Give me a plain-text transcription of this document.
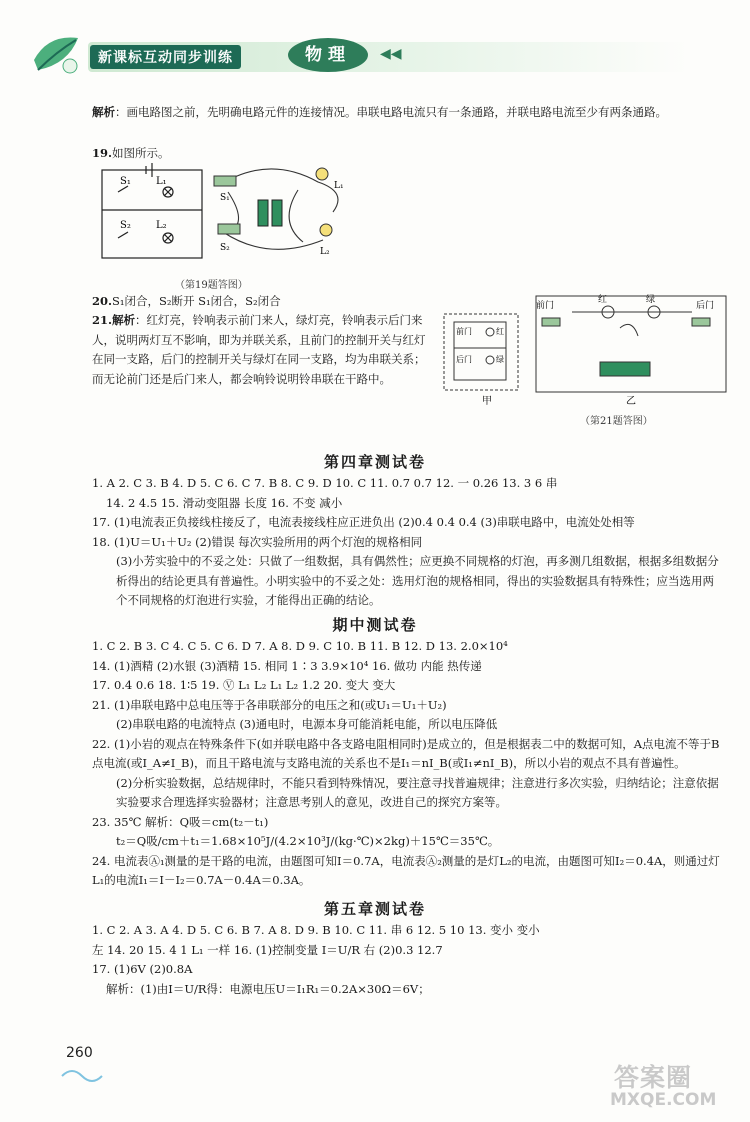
新课标互动同步训练	物理	◀◀

解析：画电路图之前，先明确电路元件的连接情况。串联电路电流只有一条通路，并联电路电流至少有两条通路。

19.如图所示。

S₁	L₁
S₂	L₂
S₁
S₂
L₁
L₂
（第19题答图）

20.S₁闭合，S₂断开 S₁闭合，S₂闭合

21.解析：红灯亮，铃响表示前门来人，绿灯亮，铃响表示后门来人，说明两灯互不影响，即为并联关系，且前门的控制开关与红灯在同一支路，后门的控制开关与绿灯在同一支路，均为串联关系；而无论前门还是后门来人，都会响铃说明铃串联在干路中。

前门
后门
红
绿
前门	后门
红	绿
甲	乙
（第21题答图）
第四章测试卷

1. A 2. C 3. B 4. D 5. C 6. C 7. B 8. C 9. D 10. C 11. 0.7 0.7 12. 一 0.26 13. 3 6 串

14. 2 4.5 15. 滑动变阻器 长度 16. 不变 减小

17. (1)电流表正负接线柱接反了，电流表接线柱应正进负出 (2)0.4 0.4 0.4 (3)串联电路中，电流处处相等

18. (1)U＝U₁＋U₂ (2)错误 每次实验所用的两个灯泡的规格相同

(3)小芳实验中的不妥之处：只做了一组数据，具有偶然性；应更换不同规格的灯泡，再多测几组数据，根据多组数据分析得出的结论更具有普遍性。小明实验中的不妥之处：选用灯泡的规格相同，得出的实验数据具有特殊性；应当选用两个不同规格的灯泡进行实验，才能得出正确的结论。

期中测试卷

1. C 2. B 3. C 4. C 5. C 6. D 7. A 8. D 9. C 10. B 11. B 12. D 13. 2.0×10⁴

14. (1)酒精 (2)水银 (3)酒精 15. 相同 1∶3 3.9×10⁴ 16. 做功 内能 热传递

17. 0.4 0.6 18. 1∶5 19. Ⓥ L₁ L₂ L₁ L₂ 1.2 20. 变大 变大

21. (1)串联电路中总电压等于各串联部分的电压之和(或U₁＝U₁＋U₂)

(2)串联电路的电流特点 (3)通电时，电源本身可能消耗电能，所以电压降低

22. (1)小岩的观点在特殊条件下(如并联电路中各支路电阻相同时)是成立的，但是根据表二中的数据可知，A点电流不等于B点电流(或I_A≠I_B)，而且干路电流与支路电流的关系也不是I₁＝nI_B(或I₁≠nI_B)，所以小岩的观点不具有普遍性。

(2)分析实验数据，总结规律时，不能只看到特殊情况，要注意寻找普遍规律；注意进行多次实验，归纳结论；注意依据实验要求合理选择实验器材；注意思考别人的意见，改进自己的探究方案等。

23. 35℃ 解析：Q吸＝cm(t₂－t₁)

t₂＝Q吸/cm＋t₁＝1.68×10⁵J/(4.2×10³J/(kg·℃)×2kg)＋15℃＝35℃。

24. 电流表Ⓐ₁测量的是干路的电流，由题图可知I＝0.7A，电流表Ⓐ₂测量的是灯L₂的电流，由题图可知I₂＝0.4A，则通过灯L₁的电流I₁＝I－I₂＝0.7A－0.4A＝0.3A。

第五章测试卷

1. C 2. A 3. A 4. D 5. C 6. B 7. A 8. D 9. B 10. C 11. 串 6 12. 5 10 13. 变小 变小

左 14. 20 15. 4 1 L₁ 一样 16. (1)控制变量 I＝U/R 右 (2)0.3 12.7

17. (1)6V (2)0.8A

解析：(1)由I＝U/R得：电源电压U＝I₁R₁＝0.2A×30Ω＝6V；

260
答案圈
MXQE.COM
